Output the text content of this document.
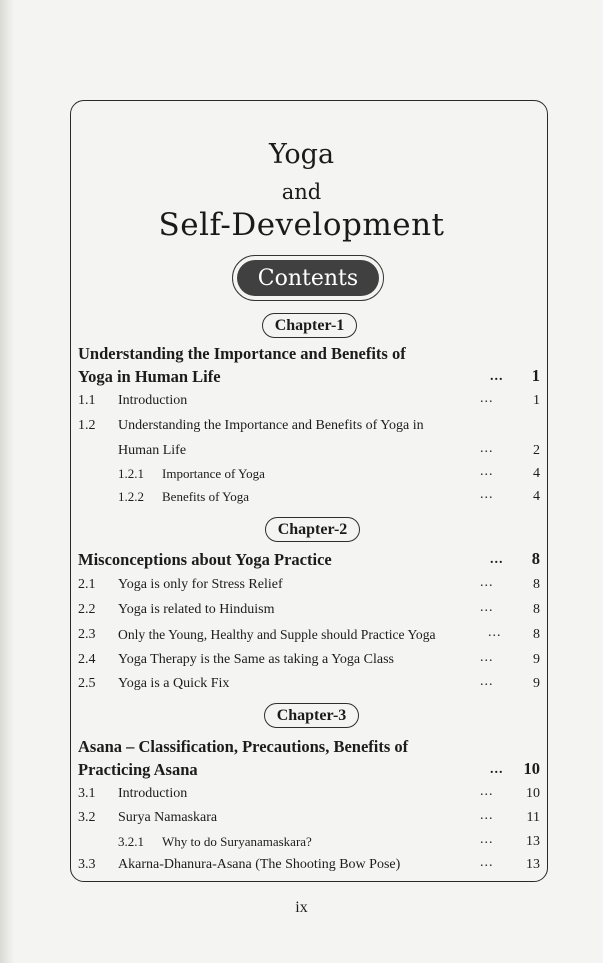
Yoga
and
Self-Development
Contents
Chapter-1
Understanding the Importance and Benefits of
Yoga in Human Life	... 1
1.1 Introduction	...	1
1.2 Understanding the Importance and Benefits of Yoga in
Human Life	...	2
1.2.1 Importance of Yoga	...	4
1.2.2 Benefits of Yoga	...	4
Chapter-2
Misconceptions about Yoga Practice	... 8
2.1 Yoga is only for Stress Relief	...	8
2.2 Yoga is related to Hinduism	...	8
2.3 Only the Young, Healthy and Supple should Practice Yoga	... 8
2.4 Yoga Therapy is the Same as taking a Yoga Class	...	9
2.5 Yoga is a Quick Fix	...	9
Chapter-3
Asana – Classification, Precautions, Benefits of
Practicing Asana	... 10
3.1 Introduction	... 10
3.2 Surya Namaskara	... 11
3.2.1 Why to do Suryanamaskara?	... 13
3.3 Akarna-Dhanura-Asana (The Shooting Bow Pose)	... 13
ix
